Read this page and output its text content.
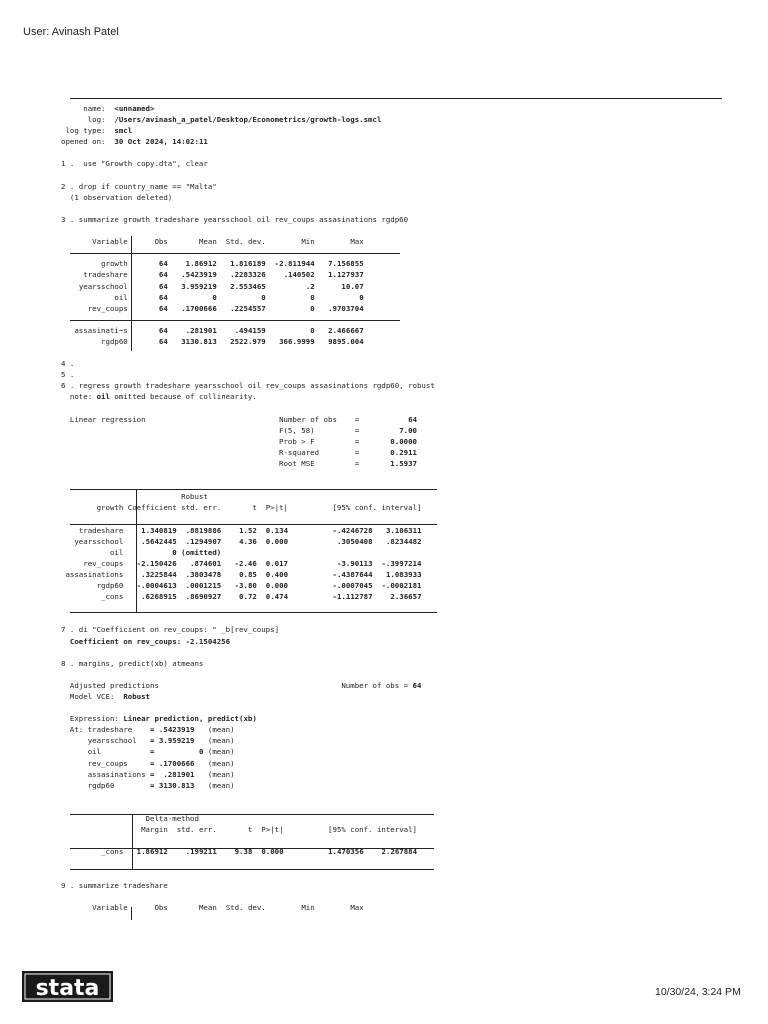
User: Avinash Patel
name: <unnamed>
log: /Users/avinash_a_patel/Desktop/Econometrics/growth-logs.smcl
log type: smcl
opened on: 30 Oct 2024, 14:02:11

1 .  use "Growth copy.dta", clear

2 . drop if country_name == "Malta"
(1 observation deleted)

3 . summarize growth tradeshare yearsschool oil rev_coups assasinations rgdp60

Variable	Obs	Mean Std. dev.	Min	Max

growth	64 1.86912 1.816189 -2.811944 7.156855
tradeshare	64 .5423919 .2283326 .140502 1.127937
yearsschool	64 3.959219 2.553465	.2	10.07
oil	64	0	0	0	0
rev_coups	64 .1700666 .2254557	0 .9703704

assasinati~s	64 .281901 .494159	0 2.466667
rgdp60	64 3130.813 2522.979 366.9999 9895.004

4 .
5 .
6 . regress growth tradeshare yearsschool oil rev_coups assasinations rgdp60, robust
note: oil omitted because of collinearity.

Linear regression	Number of obs =	64
F(5, 58)	=	7.00
Prob > F	=	0.0000
R-squared	=	0.2911
Root MSE	=	1.5937

Robust
growth Coefficient std. err.	t P>|t|	[95% conf. interval]

tradeshare 1.340819 .8819886 1.52 0.134	-.4246728 3.106311
yearsschool .5642445 .1294907 4.36 0.000	.3050408 .8234482
oil	0 (omitted)
rev_coups -2.150426 .874601 -2.46 0.017	-3.90113 -.3997214
assasinations .3225844 .3803478 0.85 0.400	-.4387644 1.083933
rgdp60 -.0004613 .0001215 -3.80 0.000	-.0007045 -.0002181
_cons .6268915 .8690927 0.72 0.474	-1.112787 2.36657

7 . di "Coefficient on rev_coups: " _b[rev_coups]
Coefficient on rev_coups: -2.1504256

8 . margins, predict(xb) atmeans

Adjusted predictions	Number of obs = 64
Model VCE:  Robust

Expression: Linear prediction, predict(xb)
At: tradeshare = .5423919   (mean)
yearsschool = 3.959219   (mean)
oil	=          0 (mean)
rev_coups	= .1700666   (mean)
assasinations =  .281901   (mean)
rgdp60	= 3130.813   (mean)

Delta-method
Margin std. err.	t P>|t|	[95% conf. interval]

_cons 1.86912 .199211 9.38 0.000	1.470356 2.267884

9 . summarize tradeshare

Variable	Obs	Mean Std. dev.	Min	Max

stata	10/30/24, 3:24 PM
